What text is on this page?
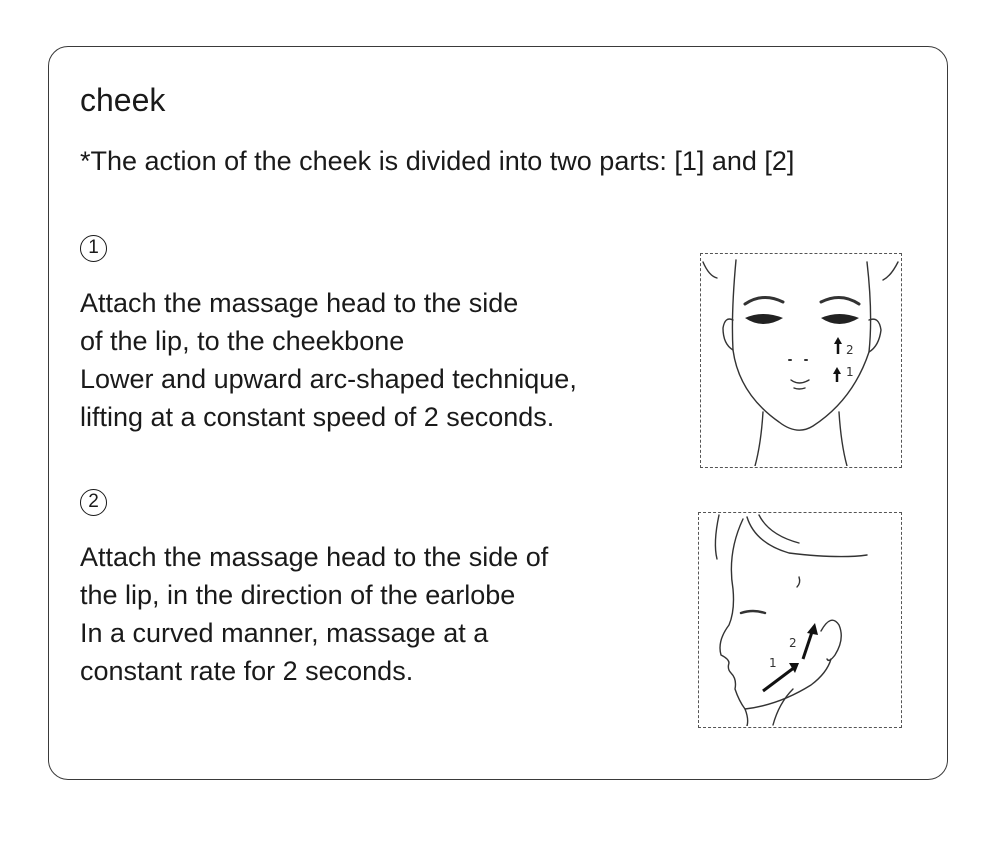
cheek
*The action of the cheek is divided into two parts: [1] and [2]
1
Attach the massage head to the side
of the lip, to the cheekbone
Lower and upward arc-shaped technique,
lifting at a constant speed of 2 seconds.
2
1
2
Attach the massage head to the side of
the lip, in the direction of the earlobe
In a curved manner, massage at a
constant rate for 2 seconds.	1
2
